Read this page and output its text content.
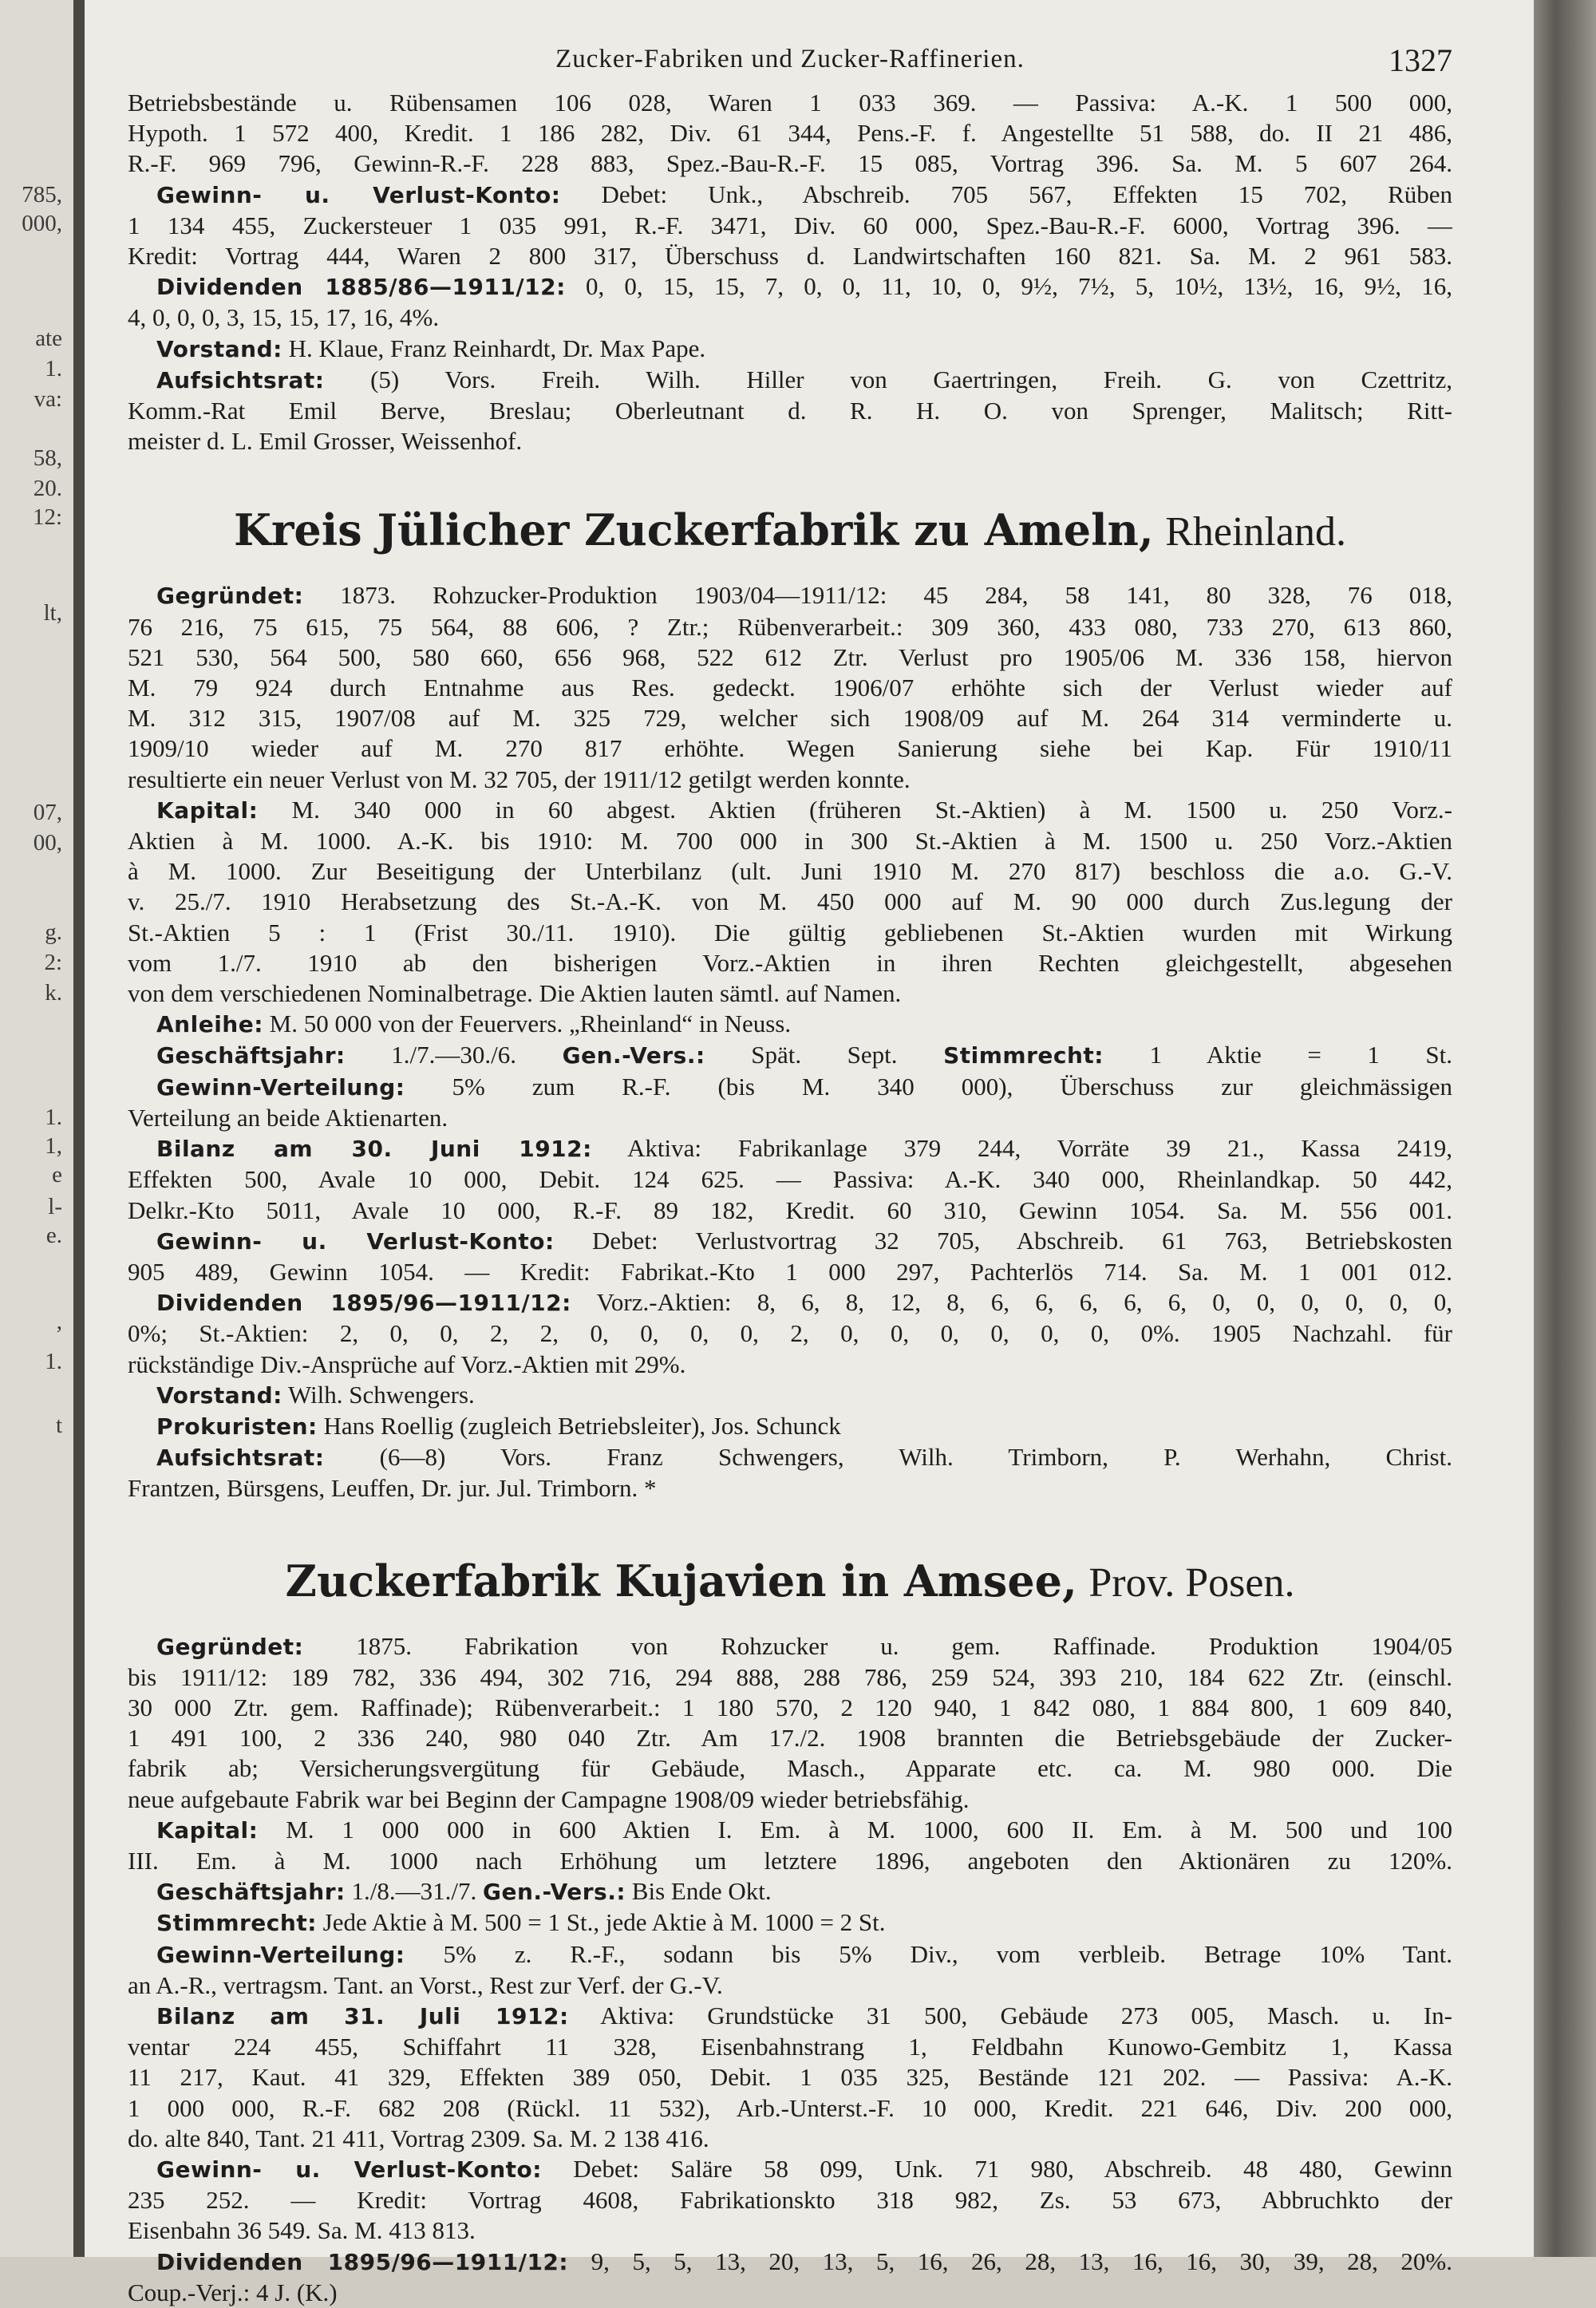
785,
000,
ate
1.
va:
58,
20.
12:
lt,
07,
00,
g.
2:
k.
1.
1,
e
l-
e.
,
1.
t
Zucker-Fabriken und Zucker-Raffinerien.	1327

Betriebsbestände u. Rübensamen 106 028, Waren 1 033 369. — Passiva: A.-K. 1 500 000,

Hypoth. 1 572 400, Kredit. 1 186 282, Div. 61 344, Pens.-F. f. Angestellte 51 588, do. II 21 486,

R.-F. 969 796, Gewinn-R.-F. 228 883, Spez.-Bau-R.-F. 15 085, Vortrag 396. Sa. M. 5 607 264.

Gewinn- u. Verlust-Konto: Debet: Unk., Abschreib. 705 567, Effekten 15 702, Rüben

1 134 455, Zuckersteuer 1 035 991, R.-F. 3471, Div. 60 000, Spez.-Bau-R.-F. 6000, Vortrag 396. —

Kredit: Vortrag 444, Waren 2 800 317, Überschuss d. Landwirtschaften 160 821. Sa. M. 2 961 583.

Dividenden 1885/86—1911/12: 0, 0, 15, 15, 7, 0, 0, 11, 10, 0, 9½, 7½, 5, 10½, 13½, 16, 9½, 16,

4, 0, 0, 0, 3, 15, 15, 17, 16, 4%.

Vorstand: H. Klaue, Franz Reinhardt, Dr. Max Pape.

Aufsichtsrat: (5) Vors. Freih. Wilh. Hiller von Gaertringen, Freih. G. von Czettritz,

Komm.-Rat Emil Berve, Breslau; Oberleutnant d. R. H. O. von Sprenger, Malitsch; Ritt-

meister d. L. Emil Grosser, Weissenhof.

Kreis Jülicher Zuckerfabrik zu Ameln, Rheinland.

Gegründet: 1873. Rohzucker-Produktion 1903/04—1911/12: 45 284, 58 141, 80 328, 76 018,

76 216, 75 615, 75 564, 88 606, ? Ztr.; Rübenverarbeit.: 309 360, 433 080, 733 270, 613 860,

521 530, 564 500, 580 660, 656 968, 522 612 Ztr. Verlust pro 1905/06 M. 336 158, hiervon

M. 79 924 durch Entnahme aus Res. gedeckt. 1906/07 erhöhte sich der Verlust wieder auf

M. 312 315, 1907/08 auf M. 325 729, welcher sich 1908/09 auf M. 264 314 verminderte u.

1909/10 wieder auf M. 270 817 erhöhte. Wegen Sanierung siehe bei Kap. Für 1910/11

resultierte ein neuer Verlust von M. 32 705, der 1911/12 getilgt werden konnte.

Kapital: M. 340 000 in 60 abgest. Aktien (früheren St.-Aktien) à M. 1500 u. 250 Vorz.-

Aktien à M. 1000. A.-K. bis 1910: M. 700 000 in 300 St.-Aktien à M. 1500 u. 250 Vorz.-Aktien

à M. 1000. Zur Beseitigung der Unterbilanz (ult. Juni 1910 M. 270 817) beschloss die a.o. G.-V.

v. 25./7. 1910 Herabsetzung des St.-A.-K. von M. 450 000 auf M. 90 000 durch Zus.legung der

St.-Aktien 5 : 1 (Frist 30./11. 1910). Die gültig gebliebenen St.-Aktien wurden mit Wirkung

vom 1./7. 1910 ab den bisherigen Vorz.-Aktien in ihren Rechten gleichgestellt, abgesehen

von dem verschiedenen Nominalbetrage. Die Aktien lauten sämtl. auf Namen.

Anleihe: M. 50 000 von der Feuervers. „Rheinland“ in Neuss.

Geschäftsjahr: 1./7.—30./6. Gen.-Vers.: Spät. Sept. Stimmrecht: 1 Aktie = 1 St.

Gewinn-Verteilung: 5% zum R.-F. (bis M. 340 000), Überschuss zur gleichmässigen

Verteilung an beide Aktienarten.

Bilanz am 30. Juni 1912: Aktiva: Fabrikanlage 379 244, Vorräte 39 21., Kassa 2419,

Effekten 500, Avale 10 000, Debit. 124 625. — Passiva: A.-K. 340 000, Rheinlandkap. 50 442,

Delkr.-Kto 5011, Avale 10 000, R.-F. 89 182, Kredit. 60 310, Gewinn 1054. Sa. M. 556 001.

Gewinn- u. Verlust-Konto: Debet: Verlustvortrag 32 705, Abschreib. 61 763, Betriebskosten

905 489, Gewinn 1054. — Kredit: Fabrikat.-Kto 1 000 297, Pachterlös 714. Sa. M. 1 001 012.

Dividenden 1895/96—1911/12: Vorz.-Aktien: 8, 6, 8, 12, 8, 6, 6, 6, 6, 6, 0, 0, 0, 0, 0, 0,

0%; St.-Aktien: 2, 0, 0, 2, 2, 0, 0, 0, 0, 2, 0, 0, 0, 0, 0, 0, 0%. 1905 Nachzahl. für

rückständige Div.-Ansprüche auf Vorz.-Aktien mit 29%.

Vorstand: Wilh. Schwengers.

Prokuristen: Hans Roellig (zugleich Betriebsleiter), Jos. Schunck

Aufsichtsrat: (6—8) Vors. Franz Schwengers, Wilh. Trimborn, P. Werhahn, Christ.

Frantzen, Bürsgens, Leuffen, Dr. jur. Jul. Trimborn. *

Zuckerfabrik Kujavien in Amsee, Prov. Posen.

Gegründet: 1875. Fabrikation von Rohzucker u. gem. Raffinade. Produktion 1904/05

bis 1911/12: 189 782, 336 494, 302 716, 294 888, 288 786, 259 524, 393 210, 184 622 Ztr. (einschl.

30 000 Ztr. gem. Raffinade); Rübenverarbeit.: 1 180 570, 2 120 940, 1 842 080, 1 884 800, 1 609 840,

1 491 100, 2 336 240, 980 040 Ztr. Am 17./2. 1908 brannten die Betriebsgebäude der Zucker-

fabrik ab; Versicherungsvergütung für Gebäude, Masch., Apparate etc. ca. M. 980 000. Die

neue aufgebaute Fabrik war bei Beginn der Campagne 1908/09 wieder betriebsfähig.

Kapital: M. 1 000 000 in 600 Aktien I. Em. à M. 1000, 600 II. Em. à M. 500 und 100

III. Em. à M. 1000 nach Erhöhung um letztere 1896, angeboten den Aktionären zu 120%.

Geschäftsjahr: 1./8.—31./7. Gen.-Vers.: Bis Ende Okt.

Stimmrecht: Jede Aktie à M. 500 = 1 St., jede Aktie à M. 1000 = 2 St.

Gewinn-Verteilung: 5% z. R.-F., sodann bis 5% Div., vom verbleib. Betrage 10% Tant.

an A.-R., vertragsm. Tant. an Vorst., Rest zur Verf. der G.-V.

Bilanz am 31. Juli 1912: Aktiva: Grundstücke 31 500, Gebäude 273 005, Masch. u. In-

ventar 224 455, Schiffahrt 11 328, Eisenbahnstrang 1, Feldbahn Kunowo-Gembitz 1, Kassa

11 217, Kaut. 41 329, Effekten 389 050, Debit. 1 035 325, Bestände 121 202. — Passiva: A.-K.

1 000 000, R.-F. 682 208 (Rückl. 11 532), Arb.-Unterst.-F. 10 000, Kredit. 221 646, Div. 200 000,

do. alte 840, Tant. 21 411, Vortrag 2309. Sa. M. 2 138 416.

Gewinn- u. Verlust-Konto: Debet: Saläre 58 099, Unk. 71 980, Abschreib. 48 480, Gewinn

235 252. — Kredit: Vortrag 4608, Fabrikationskto 318 982, Zs. 53 673, Abbruchkto der

Eisenbahn 36 549. Sa. M. 413 813.

Dividenden 1895/96—1911/12: 9, 5, 5, 13, 20, 13, 5, 16, 26, 28, 13, 16, 16, 30, 39, 28, 20%.

Coup.-Verj.: 4 J. (K.)
